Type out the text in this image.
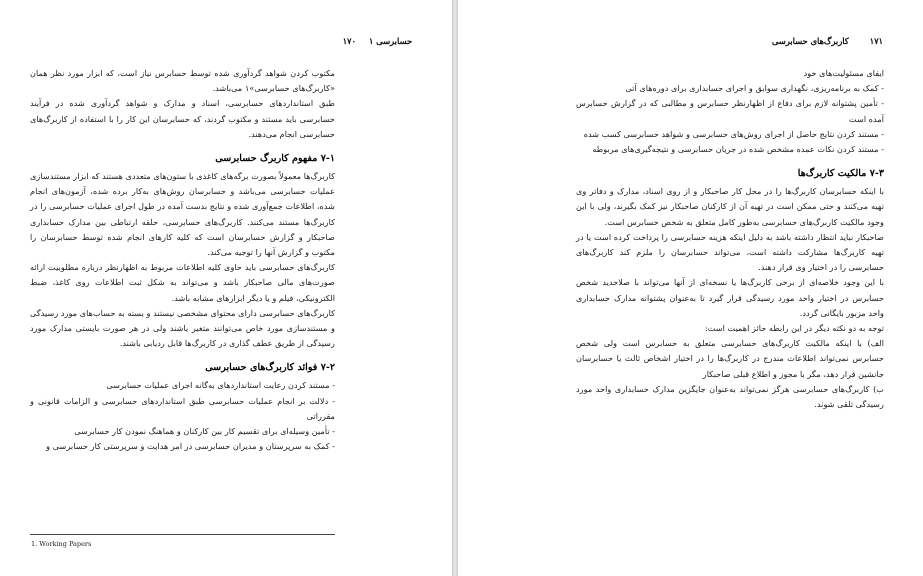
حسابرسی ۱ ۱۷۰

مکتوب کردن شواهد گردآوری شده توسط حسابرس نیاز است، که ابزار مورد نظر همان «کاربرگ‌های حسابرسی»۱ می‌باشد.

طبق استانداردهای حسابرسی، اسناد و مدارک و شواهد گردآوری شده در فرآیند حسابرسی باید مستند و مکتوب گردند، که حسابرسان این کار را با استفاده از کاربرگ‌های حسابرسی انجام می‌دهند.

۷-۱ مفهوم کاربرگ حسابرسی

کاربرگ‌ها معمولاً بصورت برگه‌های کاغذی با ستون‌های متعددی هستند که ابزار مستندسازی عملیات حسابرسی می‌باشد و حسابرسان روش‌های به‌کار برده شده، آزمون‌های انجام شده، اطلاعات جمع‌آوری شده و نتایج بدست آمده در طول اجرای عملیات حسابرسی را در کاربرگ‌ها مستند می‌کنند. کاربرگ‌های حسابرسی، حلقه ارتباطی بین مدارک حسابداری صاحبکار و گزارش حسابرسان است که کلیه کارهای انجام شده توسط حسابرسان را مکتوب و گزارش آنها را توجیه می‌کند.

کاربرگ‌های حسابرسی باید حاوی کلیه اطلاعات مربوط به اظهارنظر درباره مطلوبیت ارائه صورت‌های مالی صاحبکار باشد و می‌تواند به شکل ثبت اطلاعات روی کاغذ، ضبط الکترونیکی، فیلم و یا دیگر ابزارهای مشابه باشد.

کاربرگ‌های حسابرسی دارای محتوای مشخصی نیستند و بسته به حساب‌های مورد رسیدگی و مستندسازی مورد خاص می‌توانند متغیر باشند ولی در هر صورت بایستی مدارک مورد رسیدگی از طریق عطف گذاری در کاربرگ‌ها قابل ردیابی باشند.

۷-۲ فوائد کاربرگ‌های حسابرسی

- مستند کردن رعایت استانداردهای به‌گانه اجرای عملیات حسابرسی

- دلالت بر انجام عملیات حسابرسی طبق استانداردهای حسابرسی و الزامات قانونی و مقرراتی

- تأمین وسیله‌ای برای تقسیم کار بین کارکنان و هماهنگ نمودن کار حسابرسی

- کمک به سرپرستان و مدیران حسابرسی در امر هدایت و سرپرستی کار حسابرسی و

1. Working Papers
۱۷۱ کاربرگ‌های حسابرسی

ایفای مسئولیت‌های خود

- کمک به برنامه‌ریزی، نگهداری سوابق و اجرای حسابداری برای دوره‌های آتی

- تأمین پشتوانه لازم برای دفاع از اظهارنظر حسابرس و مطالبی که در گزارش حسابرس آمده است

- مستند کردن نتایج حاصل از اجرای روش‌های حسابرسی و شواهد حسابرسی کسب شده

- مستند کردن نکات عمده مشخص شده در جریان حسابرسی و نتیجه‌گیری‌های مربوطه

۷-۳ مالکیت کاربرگ‌ها

با اینکه حسابرسان کاربرگ‌ها را در محل کار صاحبکار و از روی اسناد، مدارک و دفاتر وی تهیه می‌کنند و حتی ممکن است در تهیه آن از کارکنان صاحبکار نیز کمک بگیرند، ولی با این وجود مالکیت کاربرگ‌های حسابرسی به‌طور کامل متعلق به شخص حسابرس است.

صاحبکار نباید انتظار داشته باشد به دلیل اینکه هزینه حسابرسی را پرداخت کرده است یا در تهیه کاربرگ‌ها مشارکت داشته است، می‌تواند حسابرسان را ملزم کند کاربرگ‌های حسابرسی را در اختیار وی قرار دهند.

با این وجود خلاصه‌ای از برخی کاربرگ‌ها یا نسخه‌ای از آنها می‌تواند با صلاحدید شخص حسابرس در اختیار واحد مورد رسیدگی قرار گیرد تا به‌عنوان پشتوانه مدارک حسابداری واحد مزبور بایگانی گردد.

توجه به دو نکته دیگر در این رابطه حائز اهمیت است:

الف) با اینکه مالکیت کاربرگ‌های حسابرسی متعلق به حسابرس است ولی شخص حسابرس نمی‌تواند اطلاعات مندرج در کاربرگ‌ها را در اختیار اشخاص ثالث یا حسابرسان جانشین قرار دهد، مگر با مجوز و اطلاع قبلی صاحبکار

ب) کاربرگ‌های حسابرسی هرگز نمی‌تواند به‌عنوان جایگزین مدارک حسابداری واحد مورد رسیدگی تلقی شوند.
